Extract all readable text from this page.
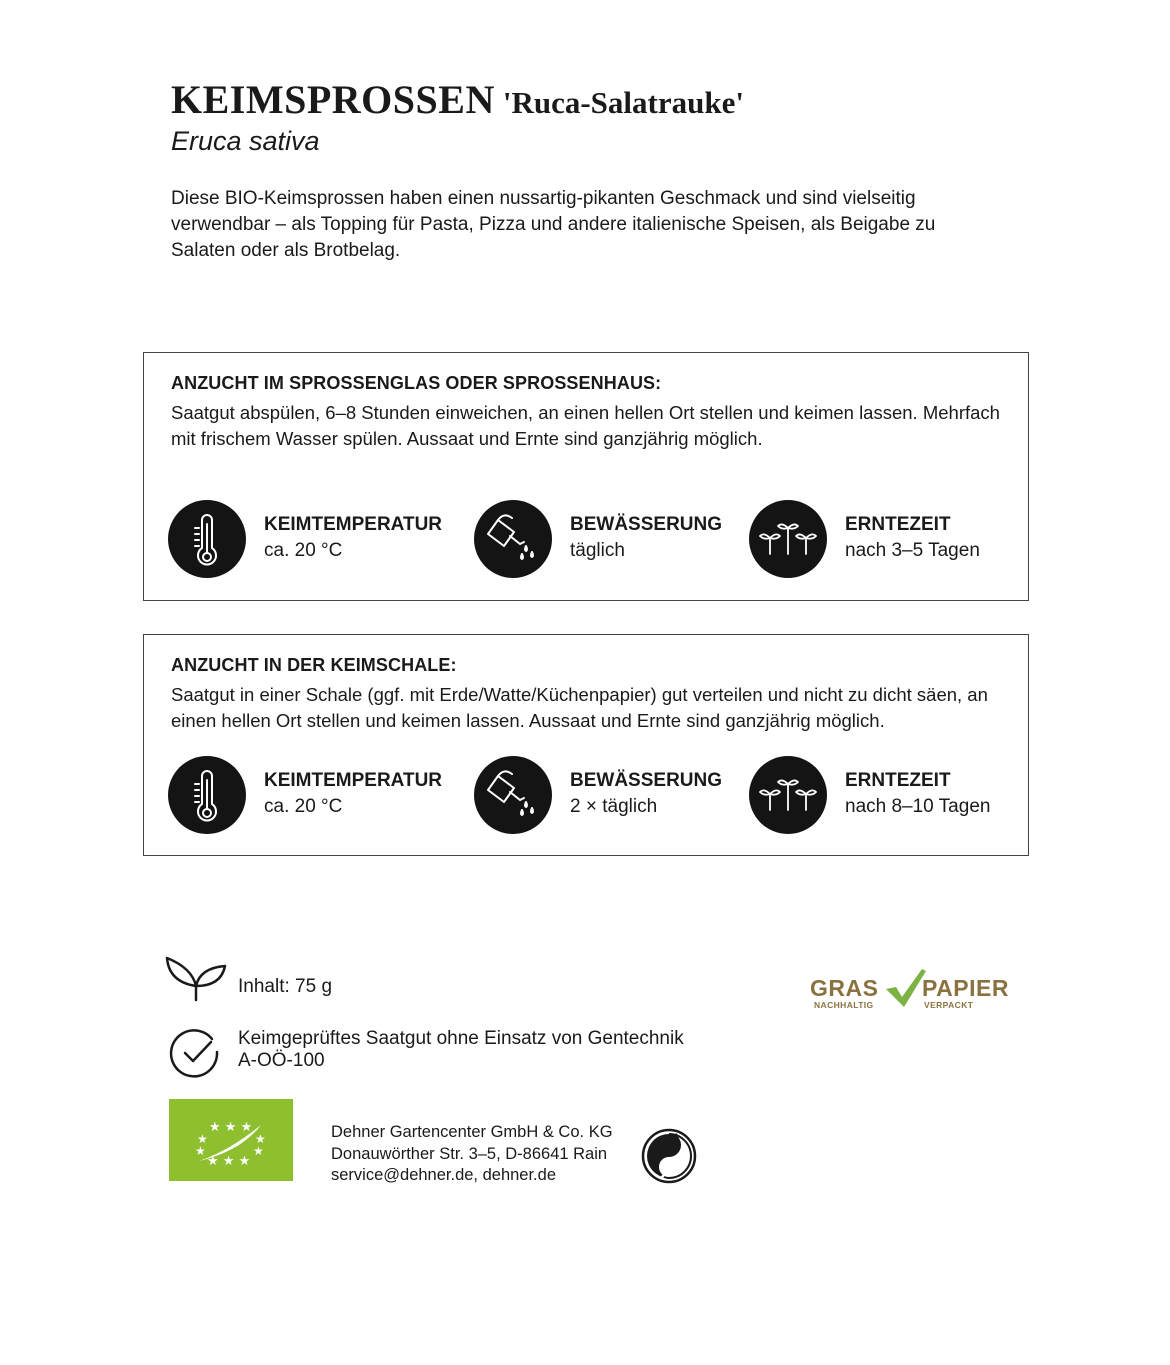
KEIMSPROSSEN 'Ruca-Salatrauke'
Eruca sativa
Diese BIO-Keimsprossen haben einen nussartig-pikanten Geschmack und sind vielseitig verwendbar – als Topping für Pasta, Pizza und andere italienische Speisen, als Beigabe zu Salaten oder als Brotbelag.
ANZUCHT IM SPROSSENGLAS ODER SPROSSENHAUS:
Saatgut abspülen, 6–8 Stunden einweichen, an einen hellen Ort stellen und keimen lassen. Mehrfach mit frischem Wasser spülen. Aussaat und Ernte sind ganzjährig möglich.
KEIMTEMPERATUR
ca. 20 °C
BEWÄSSERUNG
täglich
ERNTEZEIT
nach 3–5 Tagen
ANZUCHT IN DER KEIMSCHALE:
Saatgut in einer Schale (ggf. mit Erde/Watte/Küchenpapier) gut verteilen und nicht zu dicht säen, an einen hellen Ort stellen und keimen lassen. Aussaat und Ernte sind ganzjährig möglich.
KEIMTEMPERATUR
ca. 20 °C
BEWÄSSERUNG
2 × täglich
ERNTEZEIT
nach 8–10 Tagen
Inhalt: 75 g
Keimgeprüftes Saatgut ohne Einsatz von Gentechnik
A-OÖ-100
★ ★ ★
★	★
★	★
★ ★ ★
Dehner Gartencenter GmbH & Co. KG
Donauwörther Str. 3–5, D-86641 Rain
service@dehner.de, dehner.de
GRAS PAPIER
NACHHALTIG	VERPACKT
